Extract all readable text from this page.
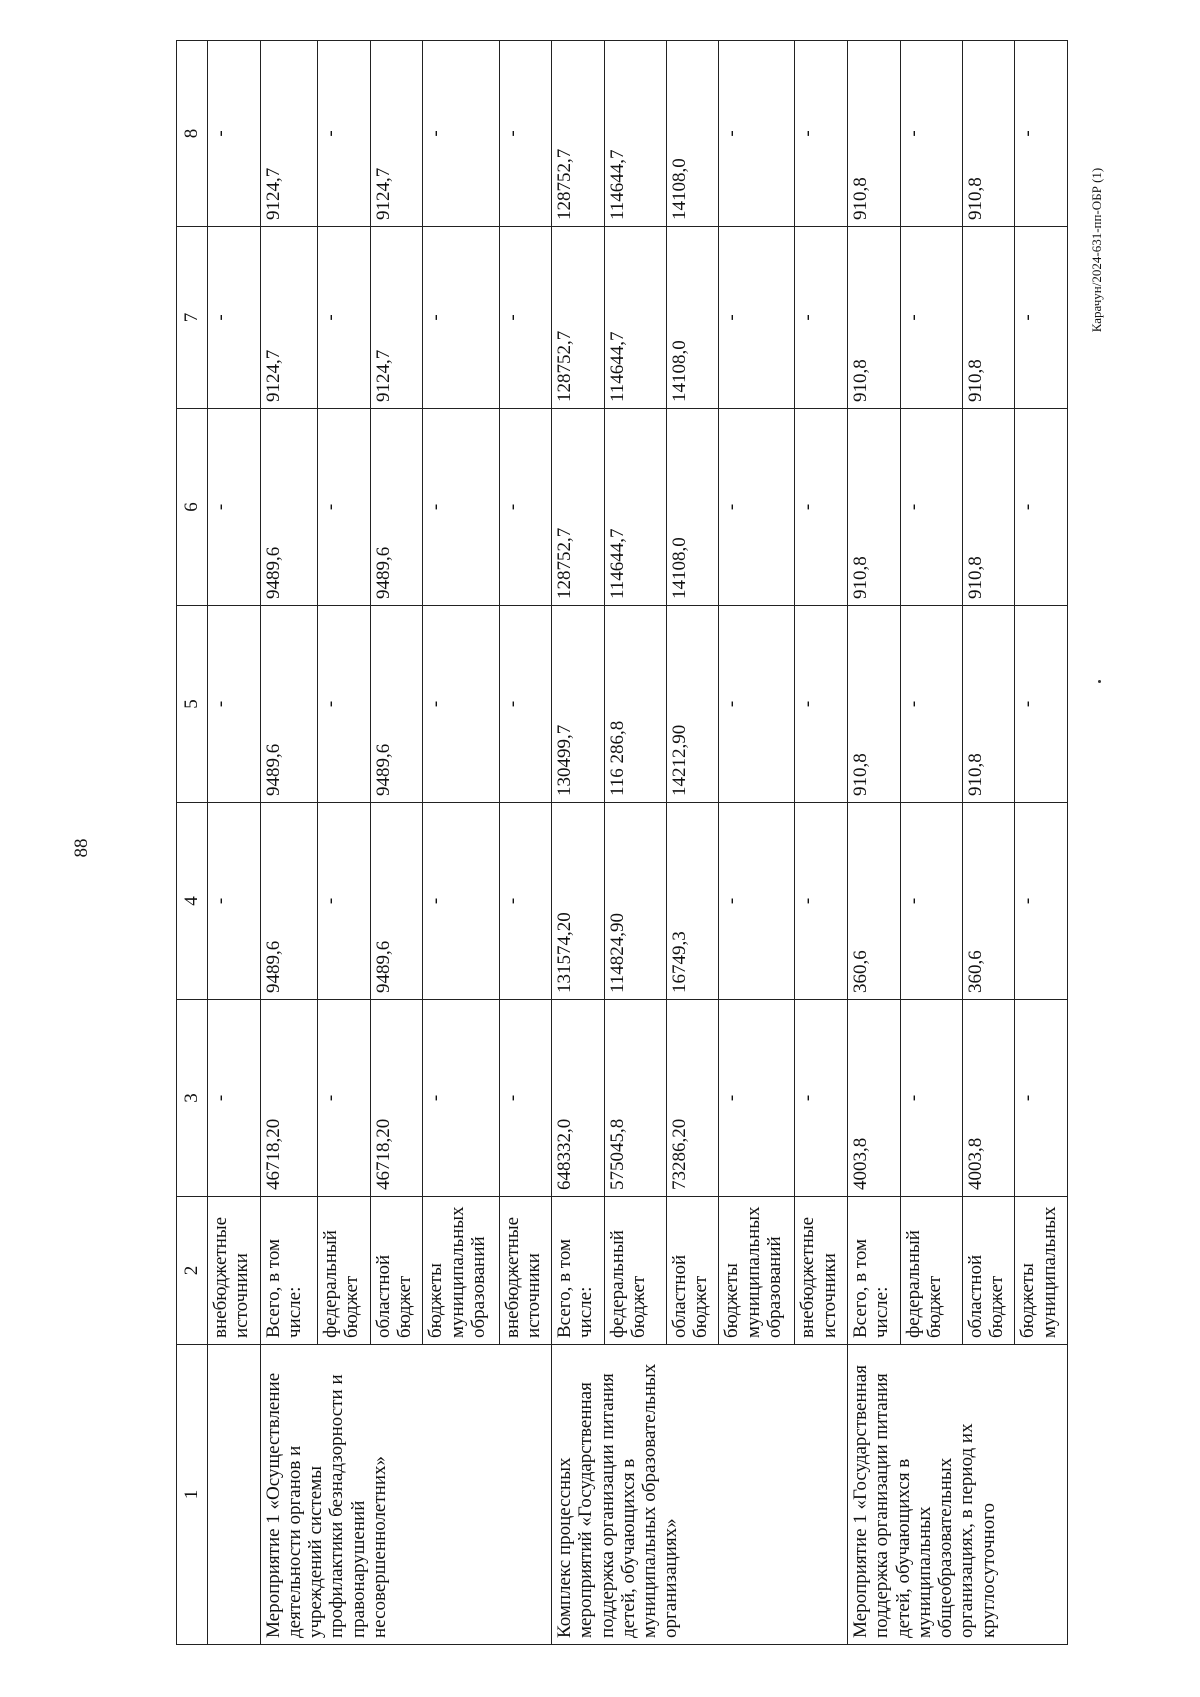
88
Карачун/2024-631-пп-ОБР (1)
1	2	3	4	5	6	7	8
	внебюджетные источники	-	-	-	-	-	-
Мероприятие 1 «Осуществление деятельности органов и учреждений системы профилактики безнадзорности и правонарушений несовершеннолетних»	Всего, в том числе:	46718,20	9489,6	9489,6	9489,6	9124,7	9124,7
	федеральный бюджет	-	-	-	-	-	-
	областной бюджет	46718,20	9489,6	9489,6	9489,6	9124,7	9124,7
	бюджеты муниципальных образований	-	-	-	-	-	-
	внебюджетные источники	-	-	-	-	-	-
Комплекс процессных мероприятий «Государственная поддержка организации питания детей, обучающихся в муниципальных образовательных организациях»	Всего, в том числе:	648332,0	131574,20	130499,7	128752,7	128752,7	128752,7
	федеральный бюджет	575045,8	114824,90	116 286,8	114644,7	114644,7	114644,7
	областной бюджет	73286,20	16749,3	14212,90	14108,0	14108,0	14108,0
	бюджеты муниципальных образований	-	-	-	-	-	-
	внебюджетные источники	-	-	-	-	-	-
Мероприятие 1 «Государственная поддержка организации питания детей, обучающихся в муниципальных общеобразовательных организациях, в период их круглосуточного	Всего, в том числе:	4003,8	360,6	910,8	910,8	910,8	910,8
	федеральный бюджет	-	-	-	-	-	-
	областной бюджет	4003,8	360,6	910,8	910,8	910,8	910,8
	бюджеты муниципальных	-	-	-	-	-	-
